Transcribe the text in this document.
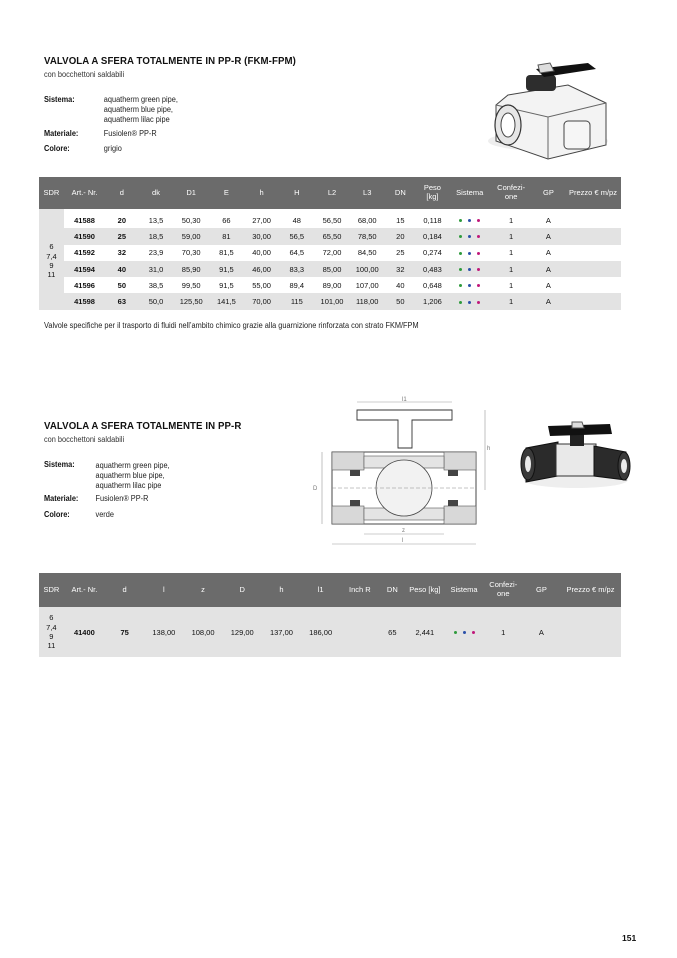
VALVOLA A SFERA TOTALMENTE IN PP-R (FKM-FPM)
con bocchettoni saldabili
Sistema:	aquatherm green pipe,
aquatherm blue pipe,
aquatherm lilac pipe
Materiale:	Fusiolen® PP-R
Colore:	grigio
SDR	Art.- Nr.	d	dk	D1	E	h	H	L2	L3	DN	Peso [kg]	Sistema	Confezi- one	GP	Prezzo € m/pz

6
7,4
9
11	41588	20	13,5	50,30	66	27,00	48	56,50	68,00	15	0,118		1	A	
	41590	25	18,5	59,00	81	30,00	56,5	65,50	78,50	20	0,184		1	A	
	41592	32	23,9	70,30	81,5	40,00	64,5	72,00	84,50	25	0,274		1	A	
	41594	40	31,0	85,90	91,5	46,00	83,3	85,00	100,00	32	0,483		1	A	
	41596	50	38,5	99,50	91,5	55,00	89,4	89,00	107,00	40	0,648		1	A	
	41598	63	50,0	125,50	141,5	70,00	115	101,00	118,00	50	1,206		1	A	
Valvole specifiche per il trasporto di fluidi nell’ambito chimico grazie alla guarnizione rinforzata con strato FKM/FPM
VALVOLA A SFERA TOTALMENTE IN PP-R
con bocchettoni saldabili
Sistema:	aquatherm green pipe,
aquatherm blue pipe,
aquatherm lilac pipe
Materiale: Fusiolen® PP-R
Colore:	verde
l1
h
D
z
l
SDR	Art.- Nr.	d	l	z	D	h	l1	Inch R	DN	Peso [kg]	Sistema	Confezi- one	GP	Prezzo € m/pz

6
7,4
9
11	41400	75	138,00	108,00	129,00	137,00	186,00		65	2,441		1	A	
151
